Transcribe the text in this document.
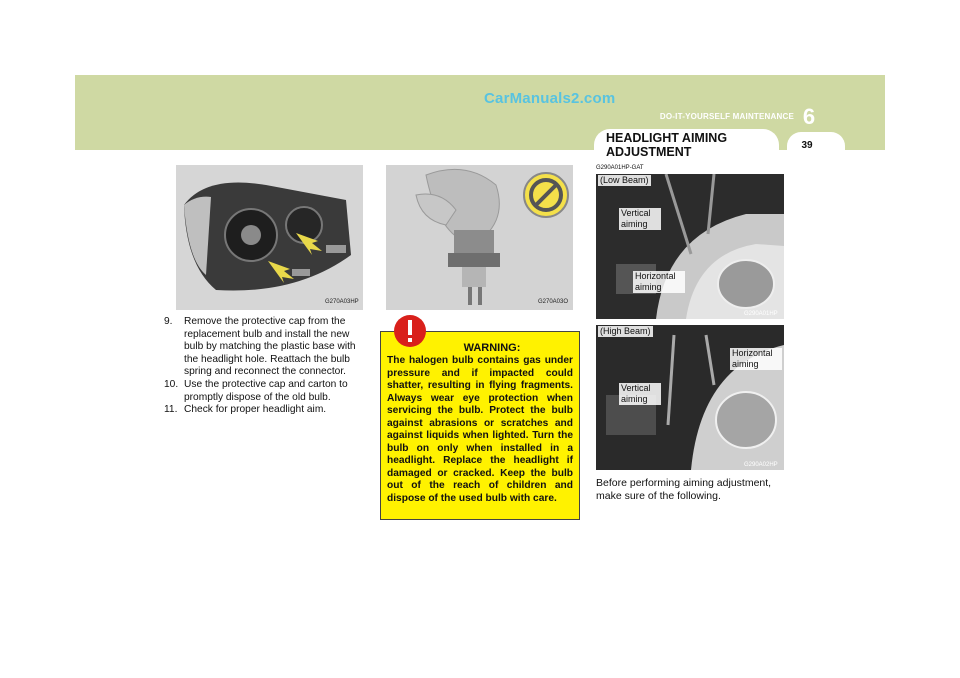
CarManuals2.com
DO-IT-YOURSELF MAINTENANCE 6
39
HEADLIGHT AIMING ADJUSTMENT
G270A03HP	G270A03O
9. Remove the protective cap from the replacement bulb and install the new bulb by matching the plastic base with the headlight hole. Reattach the bulb spring and reconnect the connector.
10. Use the protective cap and carton to promptly dispose of the old bulb.
11. Check for proper headlight aim.
WARNING:
The halogen bulb contains gas under pressure and if impacted could shatter, resulting in flying fragments. Always wear eye protection when servicing the bulb. Protect the bulb against abrasions or scratches and against liquids when lighted. Turn the bulb on only when installed in a headlight. Replace the headlight if damaged or cracked. Keep the bulb out of the reach of children and dispose of the used bulb with care.
G290A01HP-GAT
(Low Beam)
Vertical aiming
Horizontal aiming
G290A01HP
(High Beam)
Horizontal aiming
Vertical aiming
G290A02HP
Before performing aiming adjustment, make sure of the following.
